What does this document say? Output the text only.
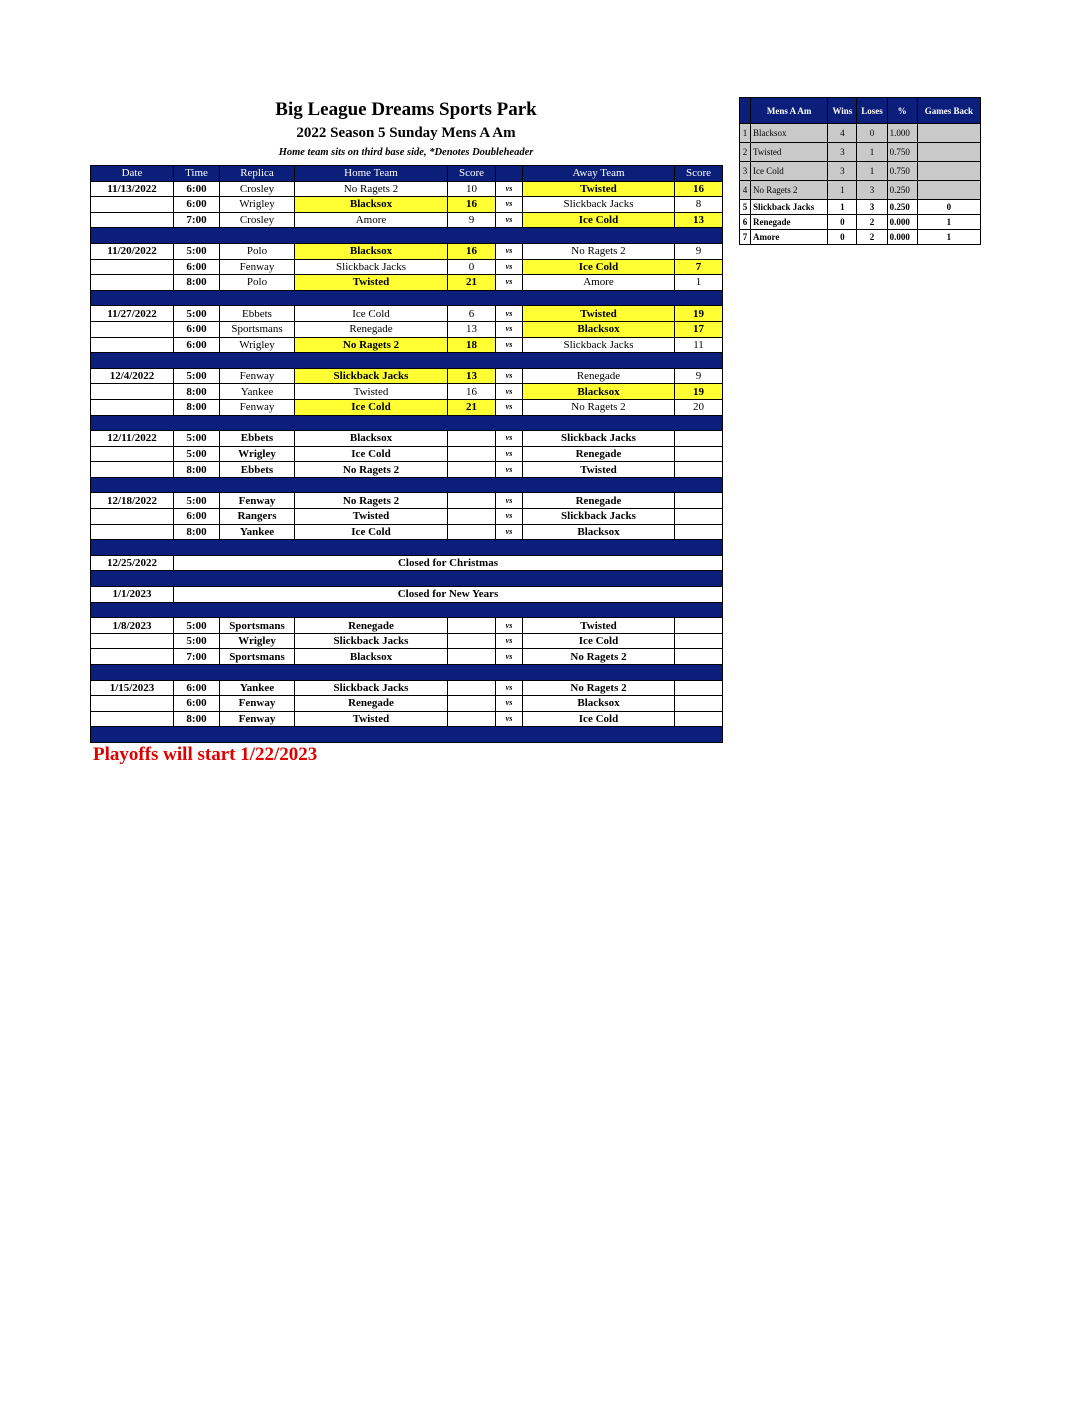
Big League Dreams Sports Park
2022 Season 5 Sunday Mens A Am
Home team sits on third base side, *Denotes Doubleheader
Date	Time	Replica	Home Team	Score		Away Team	Score
11/13/2022	6:00	Crosley	No Ragets 2	10	vs	Twisted	16
	6:00	Wrigley	Blacksox	16	vs	Slickback Jacks	8
	7:00	Crosley	Amore	9	vs	Ice Cold	13

11/20/2022	5:00	Polo	Blacksox	16	vs	No Ragets 2	9
	6:00	Fenway	Slickback Jacks	0	vs	Ice Cold	7
	8:00	Polo	Twisted	21	vs	Amore	1

11/27/2022	5:00	Ebbets	Ice Cold	6	vs	Twisted	19
	6:00	Sportsmans	Renegade	13	vs	Blacksox	17
	6:00	Wrigley	No Ragets 2	18	vs	Slickback Jacks	11

12/4/2022	5:00	Fenway	Slickback Jacks	13	vs	Renegade	9
	8:00	Yankee	Twisted	16	vs	Blacksox	19
	8:00	Fenway	Ice Cold	21	vs	No Ragets 2	20

12/11/2022	5:00	Ebbets	Blacksox		vs	Slickback Jacks	
	5:00	Wrigley	Ice Cold		vs	Renegade	
	8:00	Ebbets	No Ragets 2		vs	Twisted	

12/18/2022	5:00	Fenway	No Ragets 2		vs	Renegade	
	6:00	Rangers	Twisted		vs	Slickback Jacks	
	8:00	Yankee	Ice Cold		vs	Blacksox	

12/25/2022	Closed for Christmas						

1/1/2023	Closed for New Years						

1/8/2023	5:00	Sportsmans	Renegade		vs	Twisted	
	5:00	Wrigley	Slickback Jacks		vs	Ice Cold	
	7:00	Sportsmans	Blacksox		vs	No Ragets 2	

1/15/2023	6:00	Yankee	Slickback Jacks		vs	No Ragets 2	
	6:00	Fenway	Renegade		vs	Blacksox	
	8:00	Fenway	Twisted		vs	Ice Cold	

	Mens A Am	Wins	Loses	%	Games Back
1	Blacksox	4	0	1.000	
2	Twisted	3	1	0.750	
3	Ice Cold	3	1	0.750	
4	No Ragets 2	1	3	0.250	
5	Slickback Jacks	1	3	0.250	0
6	Renegade	0	2	0.000	1
7	Amore	0	2	0.000	1
Playoffs will start 1/22/2023
